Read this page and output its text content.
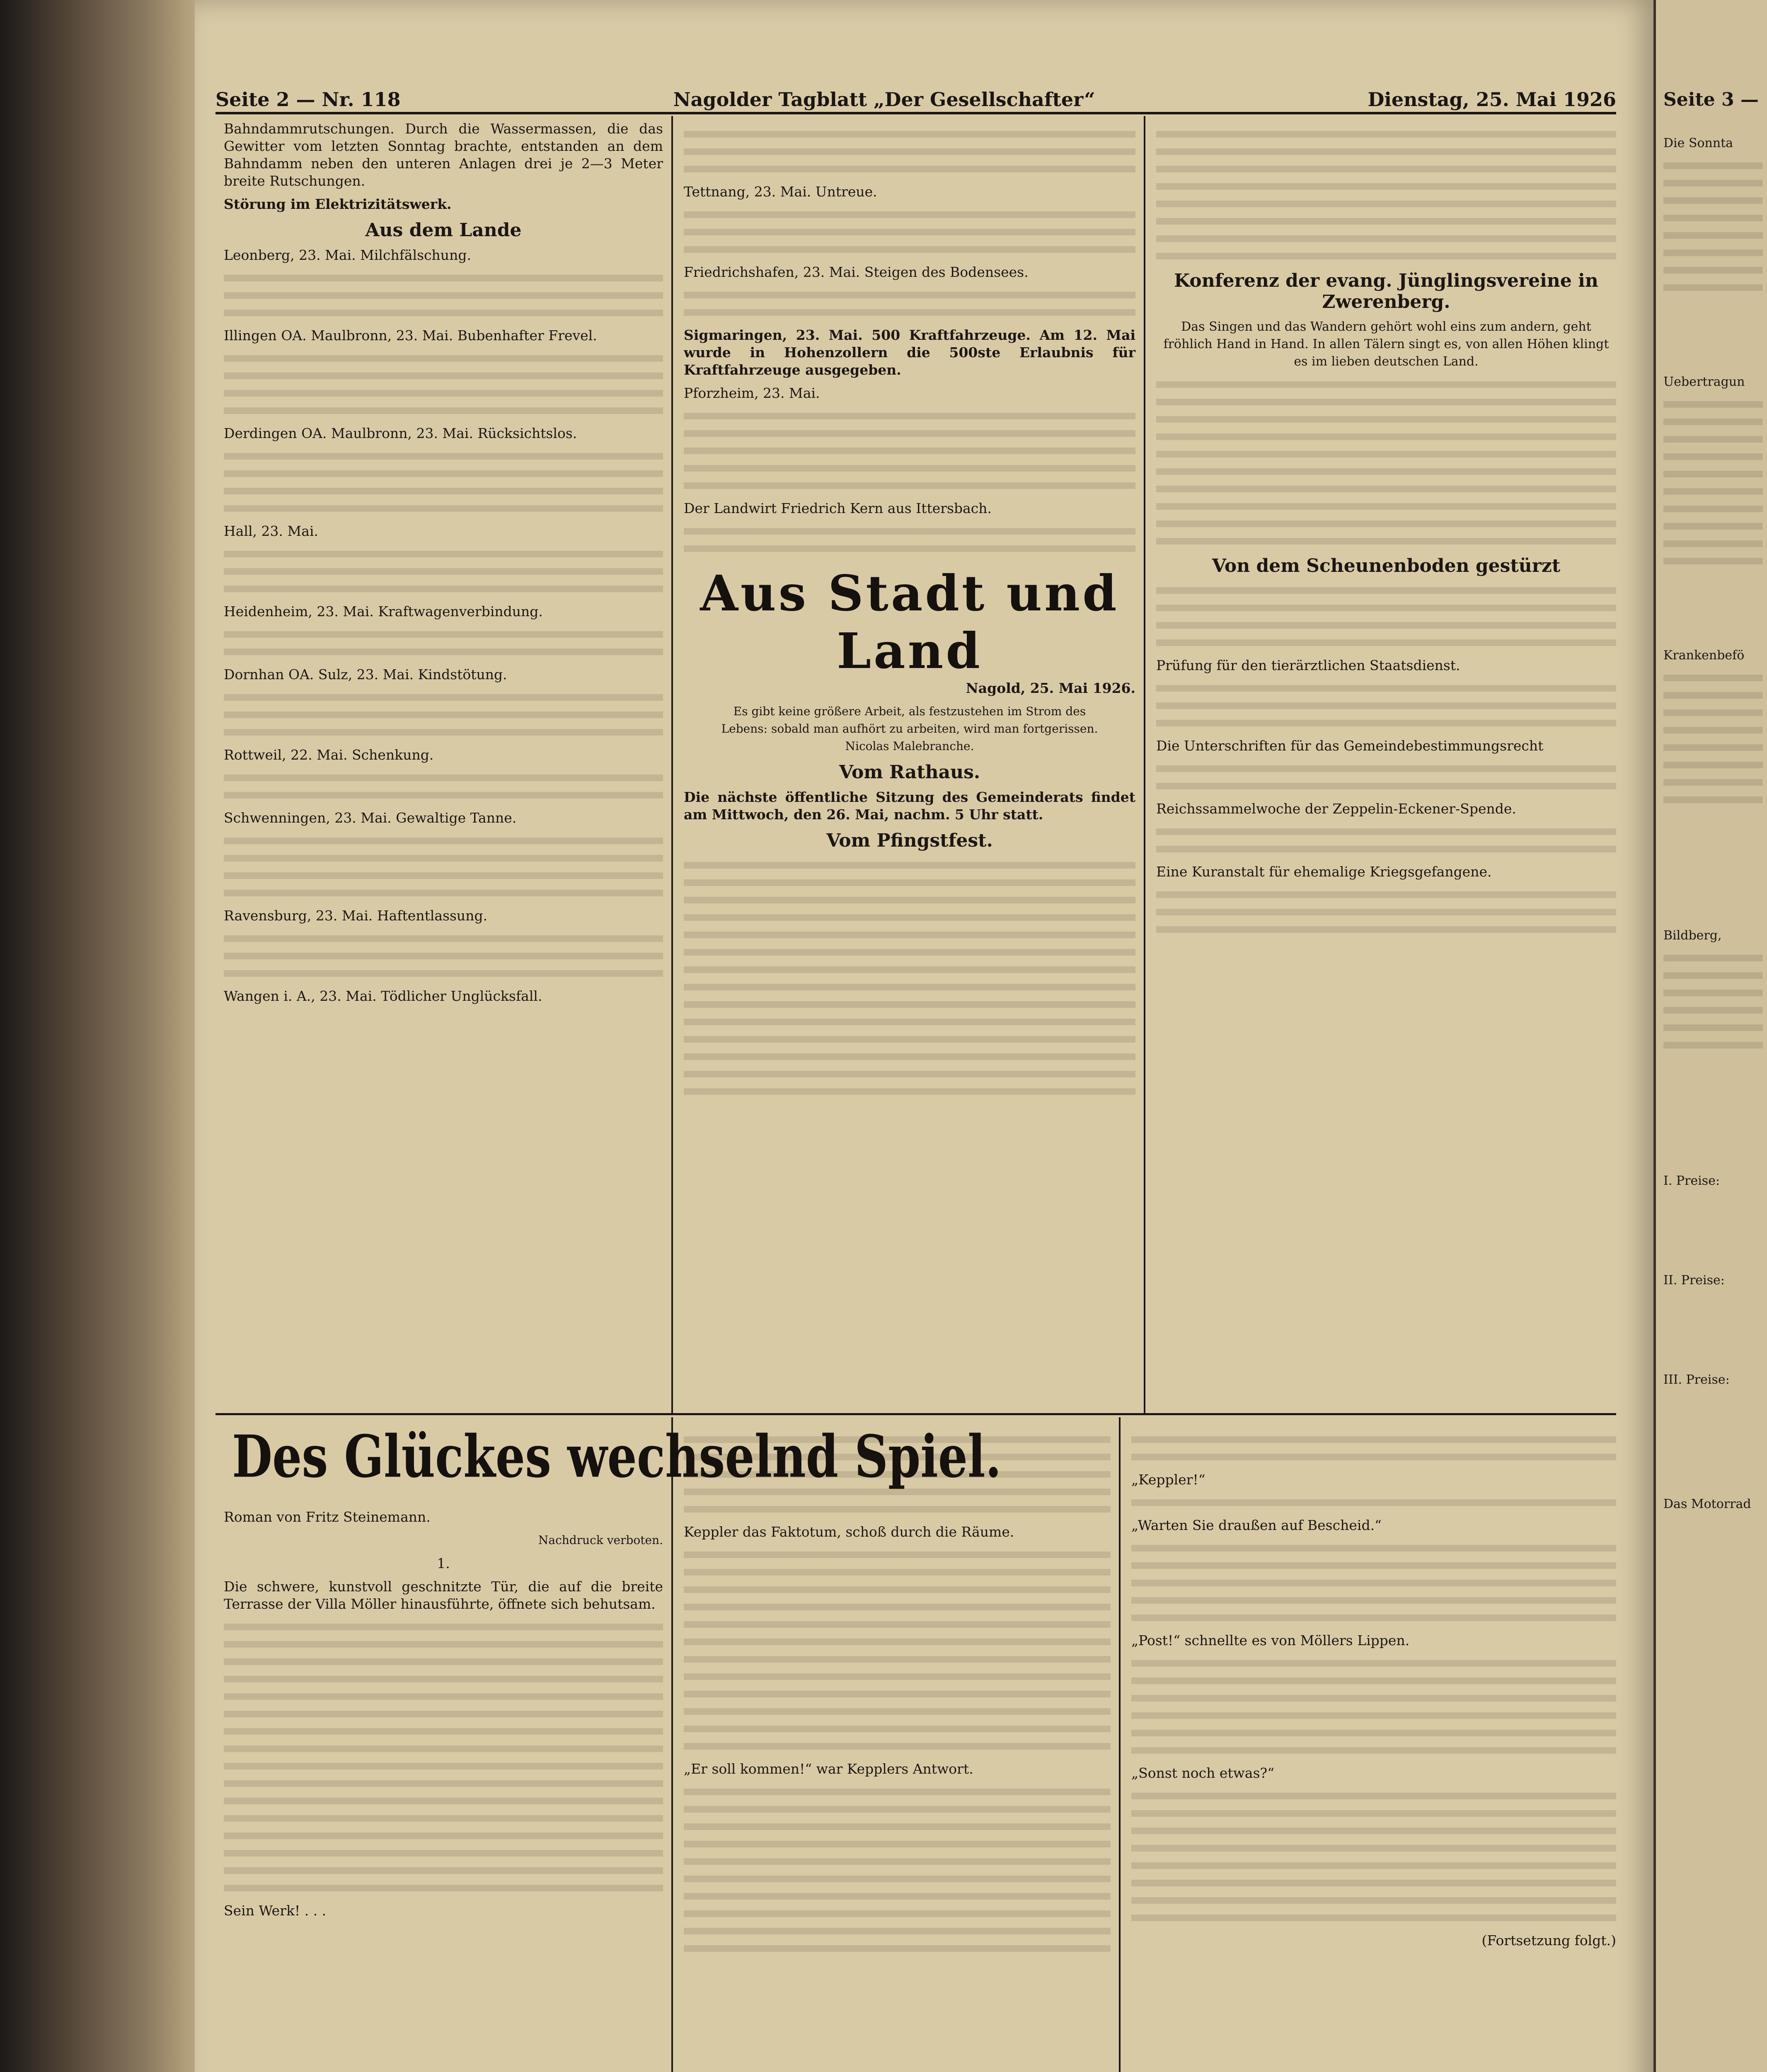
Seite 3 —

Die Sonnta

Uebertragun

Krankenbefö

Bildberg,

I. Preise:

II. Preise:

III. Preise:

Das Motorrad

Seite 2 — Nr. 118	Nagolder Tagblatt „Der Gesellschafter“	Dienstag, 25. Mai 1926

Bahndammrutschungen. Durch die Wassermassen, die das Gewitter vom letzten Sonntag brachte, entstanden an dem Bahndamm neben den unteren Anlagen drei je 2—3 Meter breite Rutschungen.

Störung im Elektrizitätswerk.

Aus dem Lande

Leonberg, 23. Mai. Milchfälschung.

Illingen OA. Maulbronn, 23. Mai. Bubenhafter Frevel.

Derdingen OA. Maulbronn, 23. Mai. Rücksichtslos.

Hall, 23. Mai.

Heidenheim, 23. Mai. Kraftwagenverbindung.

Dornhan OA. Sulz, 23. Mai. Kindstötung.

Rottweil, 22. Mai. Schenkung.

Schwenningen, 23. Mai. Gewaltige Tanne.

Ravensburg, 23. Mai. Haftentlassung.

Wangen i. A., 23. Mai. Tödlicher Unglücksfall.

Tettnang, 23. Mai. Untreue.

Friedrichshafen, 23. Mai. Steigen des Bodensees.

Sigmaringen, 23. Mai. 500 Kraftfahrzeuge. Am 12. Mai wurde in Hohenzollern die 500ste Erlaubnis für Kraftfahrzeuge ausgegeben.

Pforzheim, 23. Mai.

Der Landwirt Friedrich Kern aus Ittersbach.

Aus Stadt und Land

Nagold, 25. Mai 1926.

Es gibt keine größere Arbeit, als festzustehen im Strom des Lebens: sobald man aufhört zu arbeiten, wird man fortgerissen. Nicolas Malebranche.

Vom Rathaus.

Die nächste öffentliche Sitzung des Gemeinderats findet am Mittwoch, den 26. Mai, nachm. 5 Uhr statt.

Vom Pfingstfest.
Konferenz der evang. Jünglingsvereine in Zwerenberg.

Das Singen und das Wandern gehört wohl eins zum andern, geht fröhlich Hand in Hand. In allen Tälern singt es, von allen Höhen klingt es im lieben deutschen Land.

Von dem Scheunenboden gestürzt

Prüfung für den tierärztlichen Staatsdienst.

Die Unterschriften für das Gemeindebestimmungsrecht

Reichssammelwoche der Zeppelin-Eckener-Spende.

Eine Kuranstalt für ehemalige Kriegsgefangene.

Des Glückes wechselnd Spiel.

Roman von Fritz Steinemann.

Nachdruck verboten.

1.

Die schwere, kunstvoll geschnitzte Tür, die auf die breite Terrasse der Villa Möller hinausführte, öffnete sich behutsam.

Sein Werk! . . .

Keppler das Faktotum, schoß durch die Räume.

„Er soll kommen!“ war Kepplers Antwort.

„Keppler!“

„Warten Sie draußen auf Bescheid.“

„Post!“ schnellte es von Möllers Lippen.

„Sonst noch etwas?“

(Fortsetzung folgt.)
